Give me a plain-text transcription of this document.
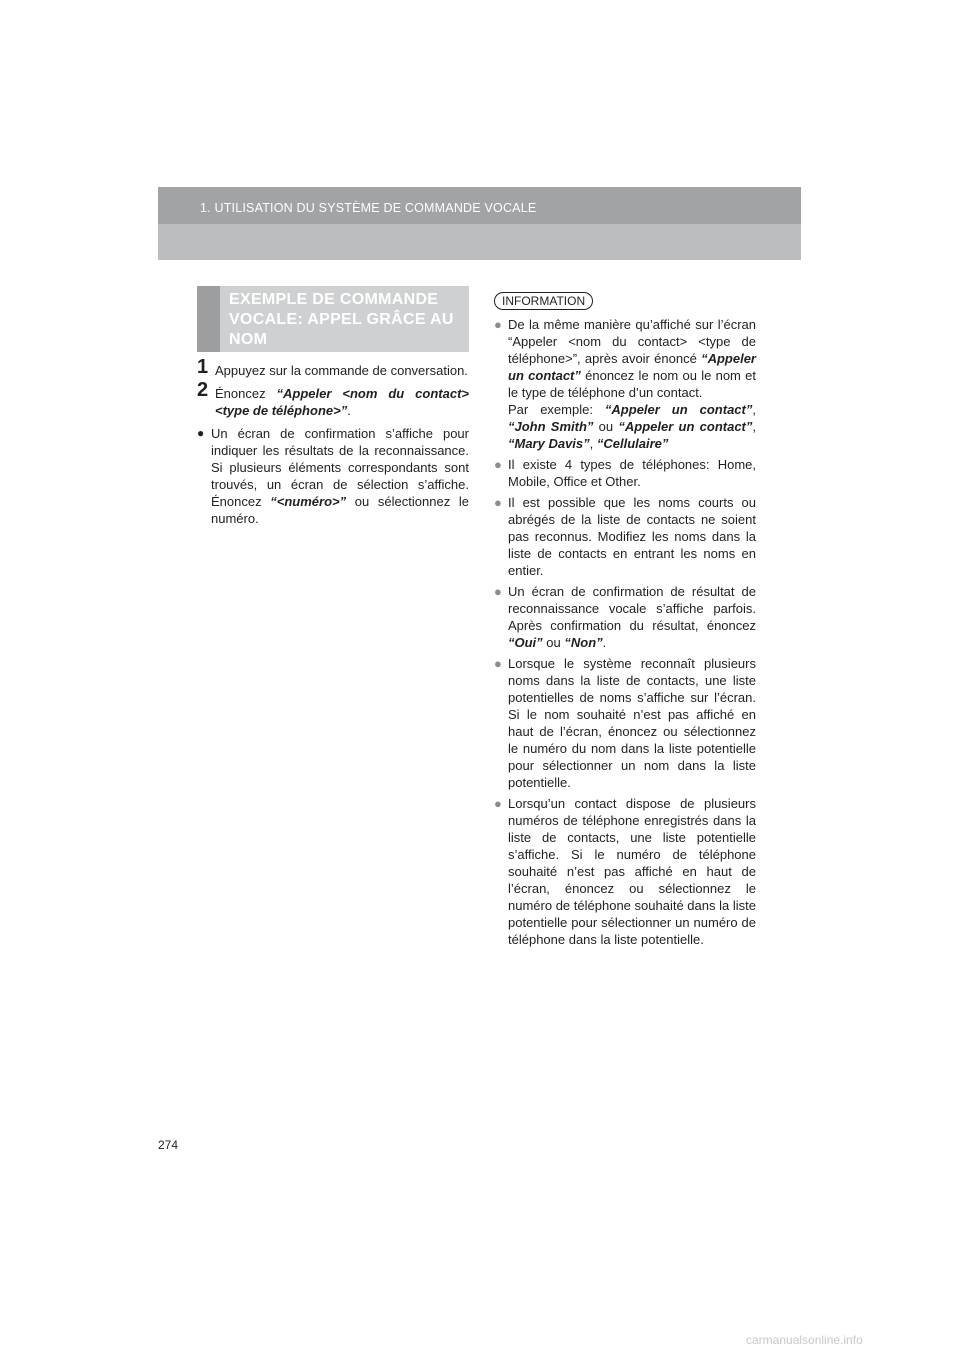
1. UTILISATION DU SYSTÈME DE COMMANDE VOCALE
EXEMPLE DE COMMANDE VOCALE: APPEL GRÂCE AU NOM
1 Appuyez sur la commande de conversation.
2 Énoncez “Appeler <nom du contact> <type de téléphone>”.
● Un écran de confirmation s’affiche pour indiquer les résultats de la reconnaissance. Si plusieurs éléments correspondants sont trouvés, un écran de sélection s’affiche. Énoncez “<numéro>” ou sélectionnez le numéro.
INFORMATION
● De la même manière qu’affiché sur l’écran “Appeler <nom du contact> <type de téléphone>”, après avoir énoncé “Appeler un contact” énoncez le nom ou le nom et le type de téléphone d’un contact.
Par exemple: “Appeler un contact”, “John Smith” ou “Appeler un contact”, “Mary Davis”, “Cellulaire”
● Il existe 4 types de téléphones: Home, Mobile, Office et Other.
● Il est possible que les noms courts ou abrégés de la liste de contacts ne soient pas reconnus. Modifiez les noms dans la liste de contacts en entrant les noms en entier.
● Un écran de confirmation de résultat de reconnaissance vocale s’affiche parfois. Après confirmation du résultat, énoncez “Oui” ou “Non”.
● Lorsque le système reconnaît plusieurs noms dans la liste de contacts, une liste potentielles de noms s’affiche sur l’écran. Si le nom souhaité n’est pas affiché en haut de l’écran, énoncez ou sélectionnez le numéro du nom dans la liste potentielle pour sélectionner un nom dans la liste potentielle.
● Lorsqu’un contact dispose de plusieurs numéros de téléphone enregistrés dans la liste de contacts, une liste potentielle s’affiche. Si le numéro de téléphone souhaité n’est pas affiché en haut de l’écran, énoncez ou sélectionnez le numéro de téléphone souhaité dans la liste potentielle pour sélectionner un numéro de téléphone dans la liste potentielle.
274
carmanualsonline.info
